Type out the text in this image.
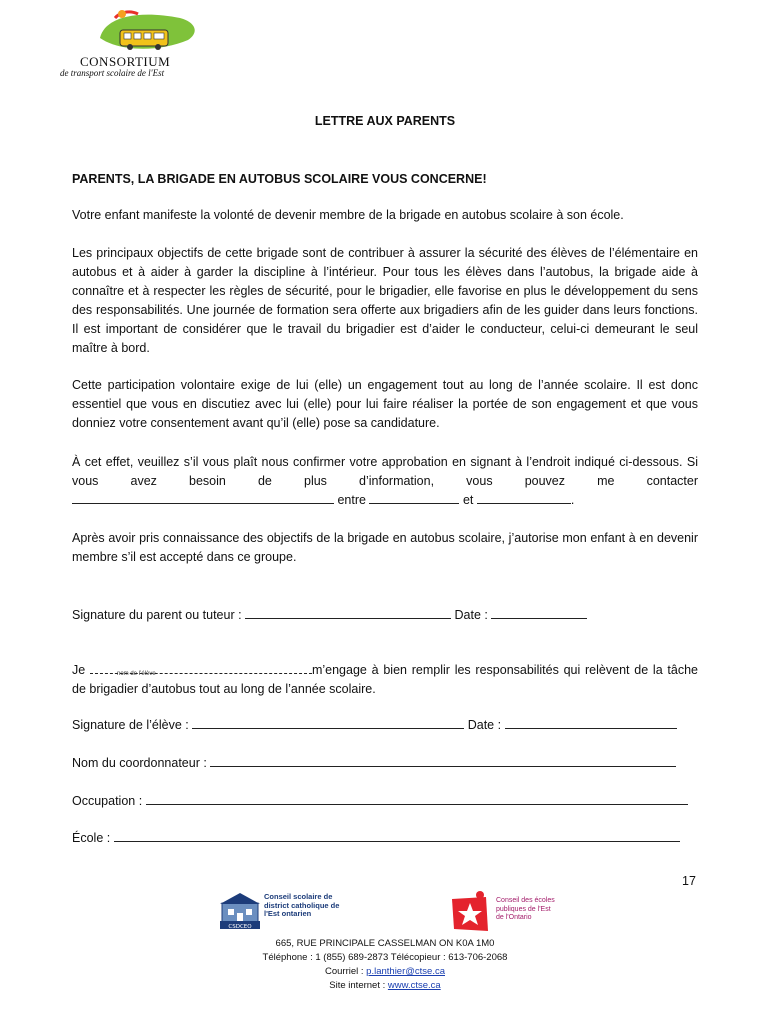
CONSORTIUM
de transport scolaire de l'Est
LETTRE AUX PARENTS
PARENTS, LA BRIGADE EN AUTOBUS SCOLAIRE VOUS CONCERNE!
Votre enfant manifeste la volonté de devenir membre de la brigade en autobus scolaire à son école.
Les principaux objectifs de cette brigade sont de contribuer à assurer la sécurité des élèves de l’élémentaire en autobus et à aider à garder la discipline à l’intérieur. Pour tous les élèves dans l’autobus, la brigade aide à connaître et à respecter les règles de sécurité, pour le brigadier, elle favorise en plus le développement du sens des responsabilités. Une journée de formation sera offerte aux brigadiers afin de les guider dans leurs fonctions. Il est important de considérer que le travail du brigadier est d’aider le conducteur, celui-ci demeurant le seul maître à bord.
Cette participation volontaire exige de lui (elle) un engagement tout au long de l’année scolaire. Il est donc essentiel que vous en discutiez avec lui (elle) pour lui faire réaliser la portée de son engagement et que vous donniez votre consentement avant qu’il (elle) pose sa candidature.
À cet effet, veuillez s’il vous plaît nous confirmer votre approbation en signant à l’endroit indiqué ci-dessous. Si vous avez besoin de plus d’information, vous pouvez me contacter  entre	et	.
Après avoir pris connaissance des objectifs de la brigade en autobus scolaire, j’autorise mon enfant à en devenir membre s’il est accepté dans ce groupe.
Signature du parent ou tuteur :	Date :
Je	m’engage à bien remplir les responsabilités qui relèvent de la tâche de brigadier d’autobus tout au long de l’année scolaire.
nom de l’élève
Signature de l’élève :	Date :
Nom du coordonnateur :
Occupation :
École :
17
CSDCEO
Conseil scolaire de district catholique de l'Est ontarien
Conseil des écoles publiques de l'Est de l'Ontario
665, RUE PRINCIPALE CASSELMAN ON K0A 1M0
Téléphone : 1 (855) 689-2873 Télécopieur : 613-706-2068
Courriel : p.lanthier@ctse.ca
Site internet : www.ctse.ca
